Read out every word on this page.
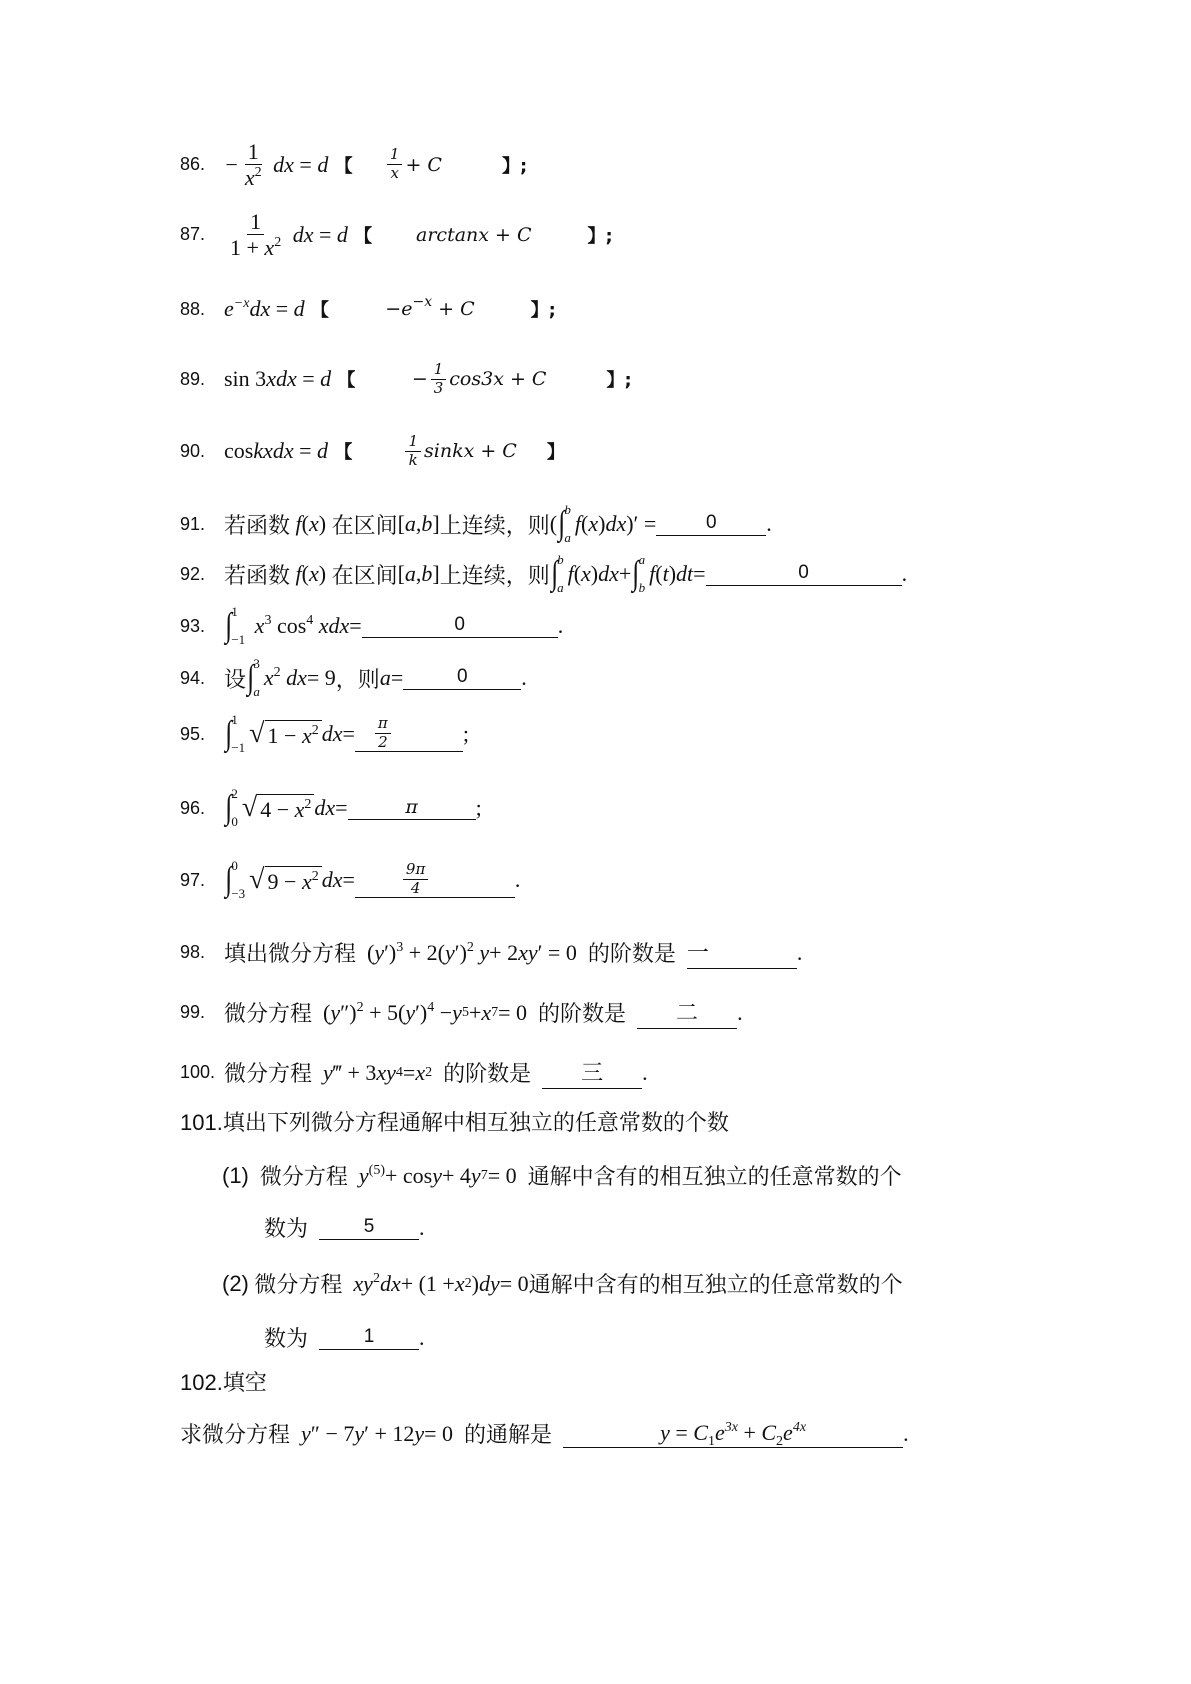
86. − $\frac{1}{x^2}$ dx = d 【 $\frac{1}{x} + C$	】;
87. $\frac{1}{1 + x^2}$ dx = d 【 arctanx + C	】;
88. $e^{-x}dx = d$ 【 $-e^{-x} + C$	】;
89. sin 3 xdx = d 【 − $\frac{1}{3} \cos 3x + C$	】;
90. cos kxdx = d 【 $\frac{1}{k}$ sinkx + C 】
91. 若函数 f ( x ) 在区间 [ a , b ] 上连续，则 ( ∫ b
a
f ( x ) dx )′ =	0	.
92. 若函数 f ( x ) 在区间 [ a , b ] 上连续，则 ∫ b
a
f ( x ) dx + ∫ a
b
f ( t ) dt =	0	.
93. ∫ 1
−1
$x^3$ $\cos^4$ xdx =	0	.
94. 设 ∫ 3
a
$x^2$ dx = 9 ，则 a =	0	.
95. ∫ 1
−1 √ $1 - x^2$ dx = $\frac{\pi}{2}$	;
96. ∫ 2
0 √ $4 - x^2$ dx =	π	;
97. ∫ 0
−3 √ $9 - x^2$ dx =	$\frac{9\pi}{4}$	.
98. 填出微分方程 ( y ′)$^3$ + 2( y ′)$^2$ y + 2 xy ′ = 0 的阶数是
一	.
99. 微分方程 ( y ″)$^2$ + 5( y ′)$^4$ − y 5 + x 7 = 0 的阶数是
	二	.
100. 微分方程 y ‴ + 3 xy 4 = x 2
的阶数是
	三	.
101.填出下列微分方程通解中相互独立的任意常数的个数
(1)
微分方程 $y^{(5)} + \cos y + 4$ y 7 = 0 通解中含有的相互独立的任意常数的个
数为
	5	.
(2)
微分方程 $xy^2dx + (1 + x$ 2 ) dy = 0 通解中含有的相互独立的任意常数的个
数为
	1	.
102.填空
求微分方程 y ″ − 7 y ′ + 12 y = 0 的通解是
	$y = C_1e^{3x} + C_2e^{4x}$	.
